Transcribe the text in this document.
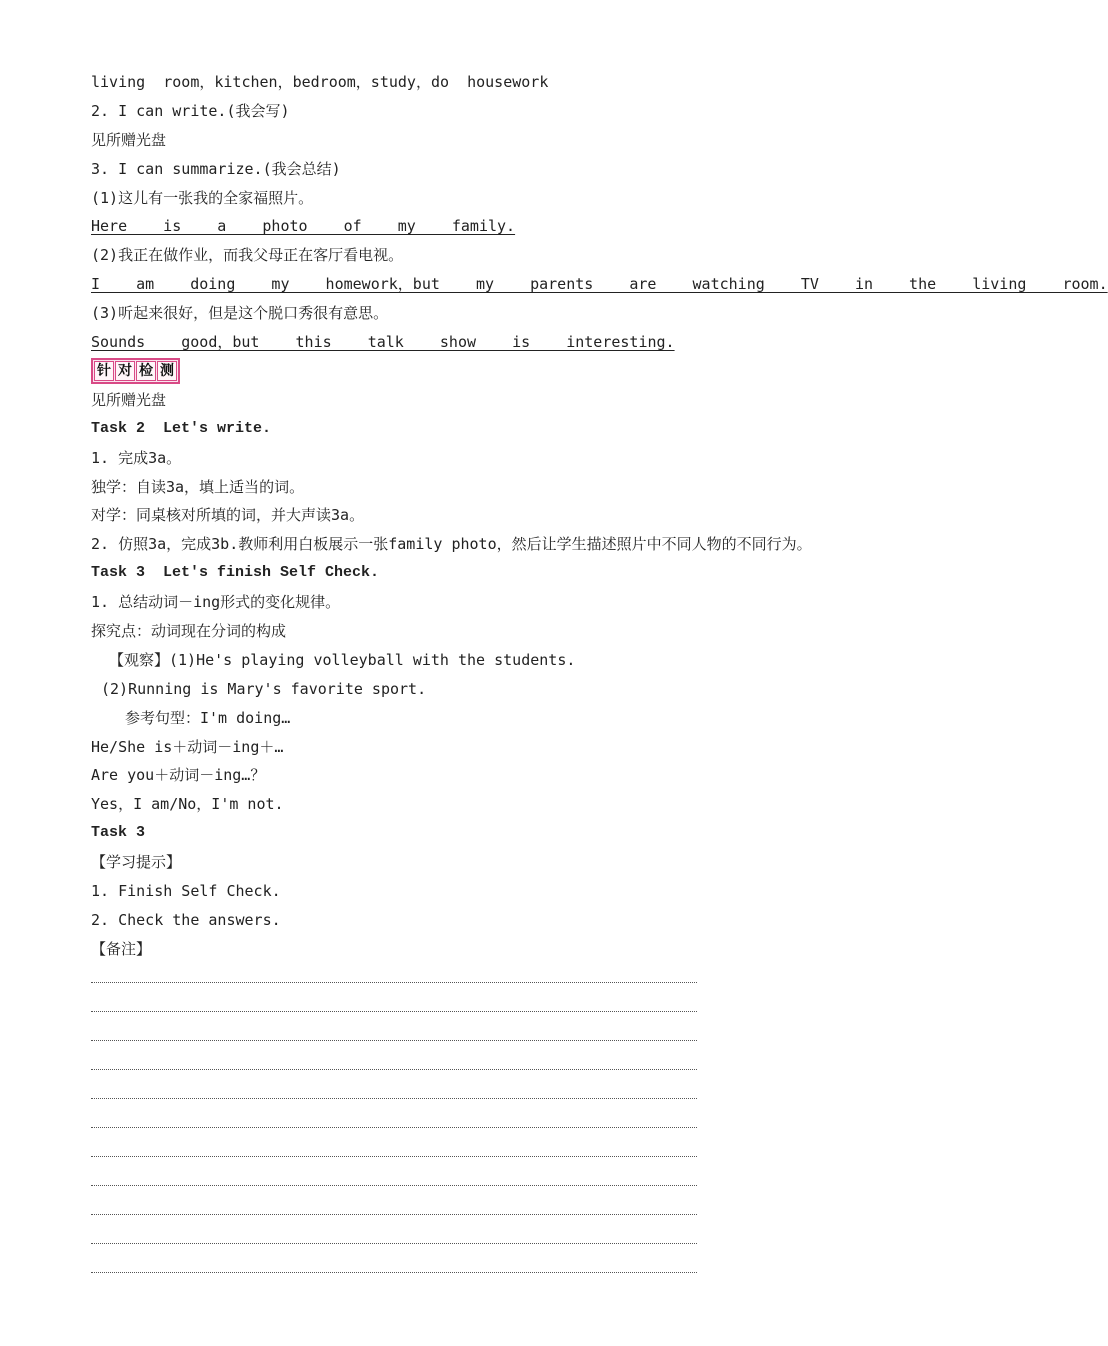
living  room，kitchen，bedroom，study，do  housework
2. I can write.(我会写)
见所赠光盘
3. I can summarize.(我会总结)
(1)这儿有一张我的全家福照片。
Here  is  a  photo  of  my  family.
(2)我正在做作业，而我父母正在客厅看电视。
I  am  doing  my  homework，but  my  parents  are  watching  TV  in  the  living  room.
(3)听起来很好，但是这个脱口秀很有意思。
Sounds  good，but  this  talk  show  is  interesting.
针 对 检 测
见所赠光盘
Task 2  Let's write.
1. 完成3a。
独学：自读3a，填上适当的词。
对学：同桌核对所填的词，并大声读3a。
2. 仿照3a，完成3b.教师利用白板展示一张family photo，然后让学生描述照片中不同人物的不同行为。
Task 3  Let's finish Self Check.
1. 总结动词－ing形式的变化规律。
探究点：动词现在分词的构成
【观察】(1)He's playing volleyball with the students.
(2)Running is Mary's favorite sport.
参考句型：I'm doing…
He/She is＋动词－ing＋…
Are you＋动词－ing…？
Yes，I am/No，I'm not.
Task 3
【学习提示】
1. Finish Self Check.
2. Check the answers.
【备注】
